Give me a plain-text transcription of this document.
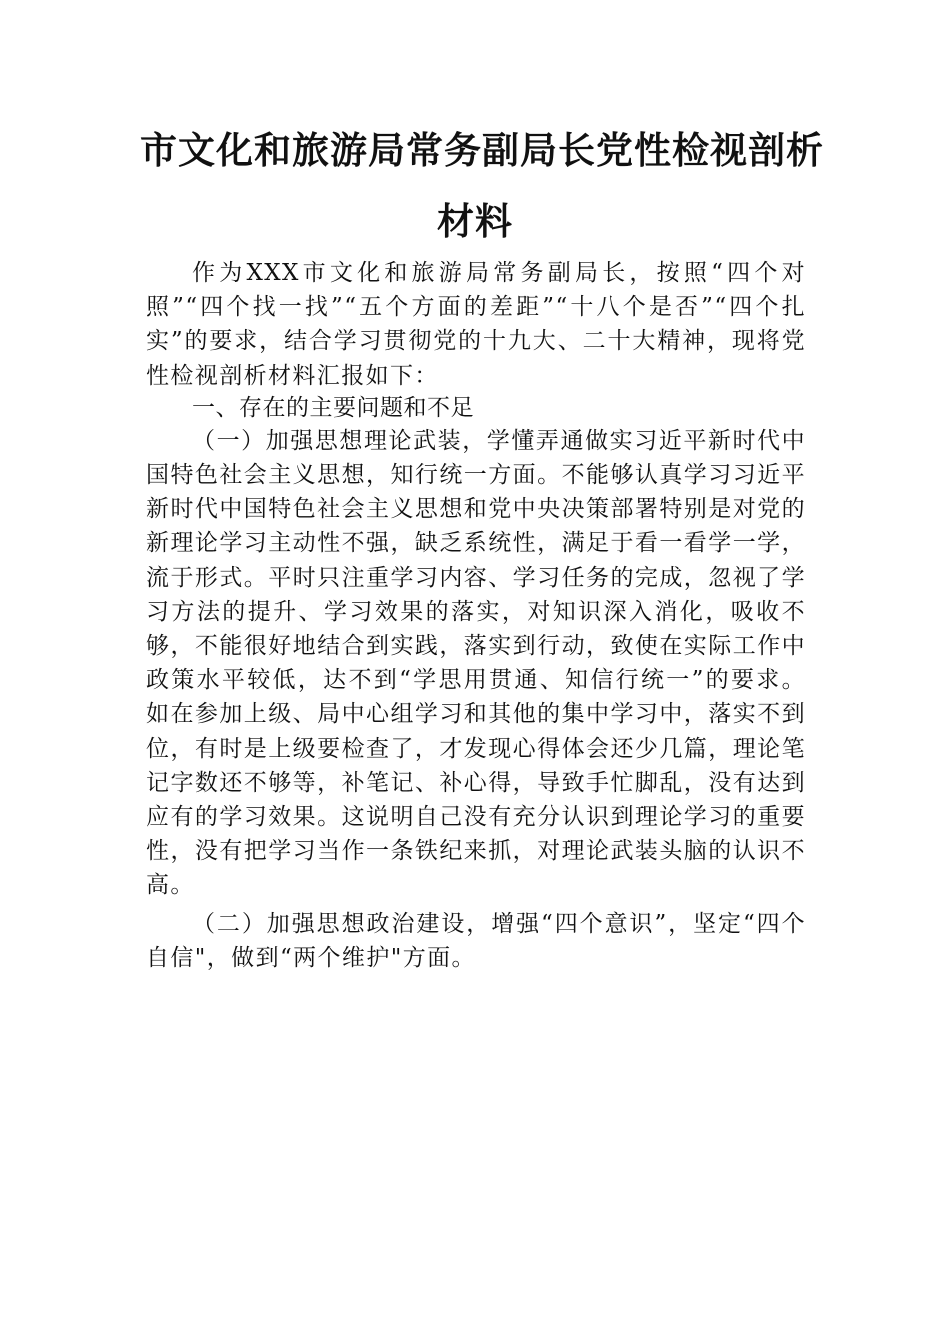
市文化和旅游局常务副局长党性检视剖析
材料

作为XXX市文化和旅游局常务副局长，按照“四个对照”“四个找一找”“五个方面的差距”“十八个是否”“四个扎实”的要求，结合学习贯彻党的十九大、二十大精神，现将党性检视剖析材料汇报如下：

一、存在的主要问题和不足

（一）加强思想理论武装，学懂弄通做实习近平新时代中国特色社会主义思想，知行统一方面。不能够认真学习习近平新时代中国特色社会主义思想和党中央决策部署特别是对党的新理论学习主动性不强，缺乏系统性，满足于看一看学一学，流于形式。平时只注重学习内容、学习任务的完成，忽视了学习方法的提升、学习效果的落实，对知识深入消化，吸收不够，不能很好地结合到实践，落实到行动，致使在实际工作中政策水平较低，达不到“学思用贯通、知信行统一”的要求。如在参加上级、局中心组学习和其他的集中学习中，落实不到位，有时是上级要检查了，才发现心得体会还少几篇，理论笔记字数还不够等，补笔记、补心得，导致手忙脚乱，没有达到应有的学习效果。这说明自己没有充分认识到理论学习的重要性，没有把学习当作一条铁纪来抓，对理论武装头脑的认识不高。

（二）加强思想政治建设，增强“四个意识”，坚定“四个自信"，做到“两个维护"方面。
